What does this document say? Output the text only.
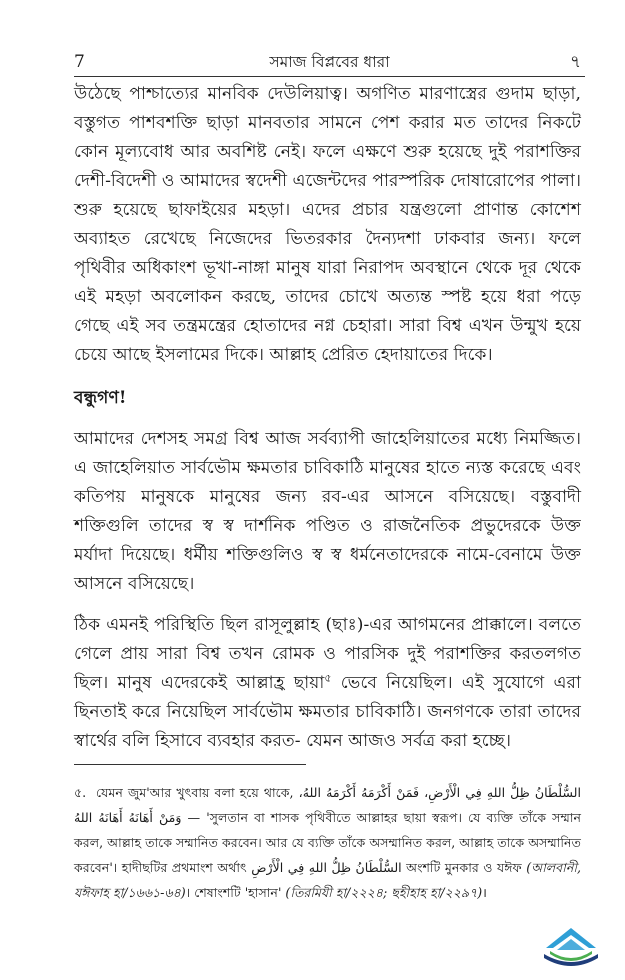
7	সমাজ বিপ্লবের ধারা	৭

উঠেছে পাশ্চাত্যের মানবিক দেউলিয়াত্ব। অগণিত মারণাস্ত্রের গুদাম ছাড়া, বস্তুগত পাশবশক্তি ছাড়া মানবতার সামনে পেশ করার মত তাদের নিকটে কোন মূল্যবোধ আর অবশিষ্ট নেই। ফলে এক্ষণে শুরু হয়েছে দুই পরাশক্তির দেশী-বিদেশী ও আমাদের স্বদেশী এজেন্টদের পারস্পরিক দোষারোপের পালা। শুরু হয়েছে ছাফাইয়ের মহড়া। এদের প্রচার যন্ত্রগুলো প্রাণান্ত কোশেশ অব্যাহত রেখেছে নিজেদের ভিতরকার দৈন্যদশা ঢাকবার জন্য। ফলে পৃথিবীর অধিকাংশ ভূখা-নাঙ্গা মানুষ যারা নিরাপদ অবস্থানে থেকে দূর থেকে এই মহড়া অবলোকন করছে, তাদের চোখে অত্যন্ত স্পষ্ট হয়ে ধরা পড়ে গেছে এই সব তন্ত্রমন্ত্রের হোতাদের নগ্ন চেহারা। সারা বিশ্ব এখন উন্মুখ হয়ে চেয়ে আছে ইসলামের দিকে। আল্লাহ প্রেরিত হেদায়াতের দিকে।

বন্ধুগণ!

আমাদের দেশসহ সমগ্র বিশ্ব আজ সর্বব্যাপী জাহেলিয়াতের মধ্যে নিমজ্জিত। এ জাহেলিয়াত সার্বভৌম ক্ষমতার চাবিকাঠি মানুষের হাতে ন্যস্ত করেছে এবং কতিপয় মানুষকে মানুষের জন্য রব-এর আসনে বসিয়েছে। বস্তুবাদী শক্তিগুলি তাদের স্ব স্ব দার্শনিক পণ্ডিত ও রাজনৈতিক প্রভুদেরকে উক্ত মর্যাদা দিয়েছে। ধর্মীয় শক্তিগুলিও স্ব স্ব ধর্মনেতাদেরকে নামে-বেনামে উক্ত আসনে বসিয়েছে।

ঠিক এমনই পরিস্থিতি ছিল রাসূলুল্লাহ (ছাঃ)-এর আগমনের প্রাক্কালে। বলতে গেলে প্রায় সারা বিশ্ব তখন রোমক ও পারসিক দুই পরাশক্তির করতলগত ছিল। মানুষ এদেরকেই আল্লাহ্র ছায়া$^৫$ ভেবে নিয়েছিল। এই সুযোগে এরা ছিনতাই করে নিয়েছিল সার্বভৌম ক্ষমতার চাবিকাঠি। জনগণকে তারা তাদের স্বার্থের বলি হিসাবে ব্যবহার করত- যেমন আজও সর্বত্র করা হচ্ছে।

৫. যেমন জুম'আর খুৎবায় বলা হয়ে থাকে, السُّلْطَانُ ظِلُّ اللهِ فِي الْأَرْضِ، فَمَنْ أَكْرَمَهُ أَكْرَمَهُ اللهُ، وَمَنْ أَهَانَهُ أَهَانَهُ اللهُ — 'সুলতান বা শাসক পৃথিবীতে আল্লাহর ছায়া স্বরূপ। যে ব্যক্তি তাঁকে সম্মান করল, আল্লাহ তাকে সম্মানিত করবেন। আর যে ব্যক্তি তাঁকে অসম্মানিত করল, আল্লাহ তাকে অসম্মানিত করবেন'। হাদীছটির প্রথমাংশ অর্থাৎ السُّلْطَانُ ظِلُّ اللهِ فِي الْأَرْضِ অংশটি মুনকার ও যঈফ (আলবানী, যঈফাহ হা/১৬৬১-৬৪)। শেষাংশটি 'হাসান' (তিরমিযী হা/২২২৪; ছহীহাহ হা/২২৯৭)।
